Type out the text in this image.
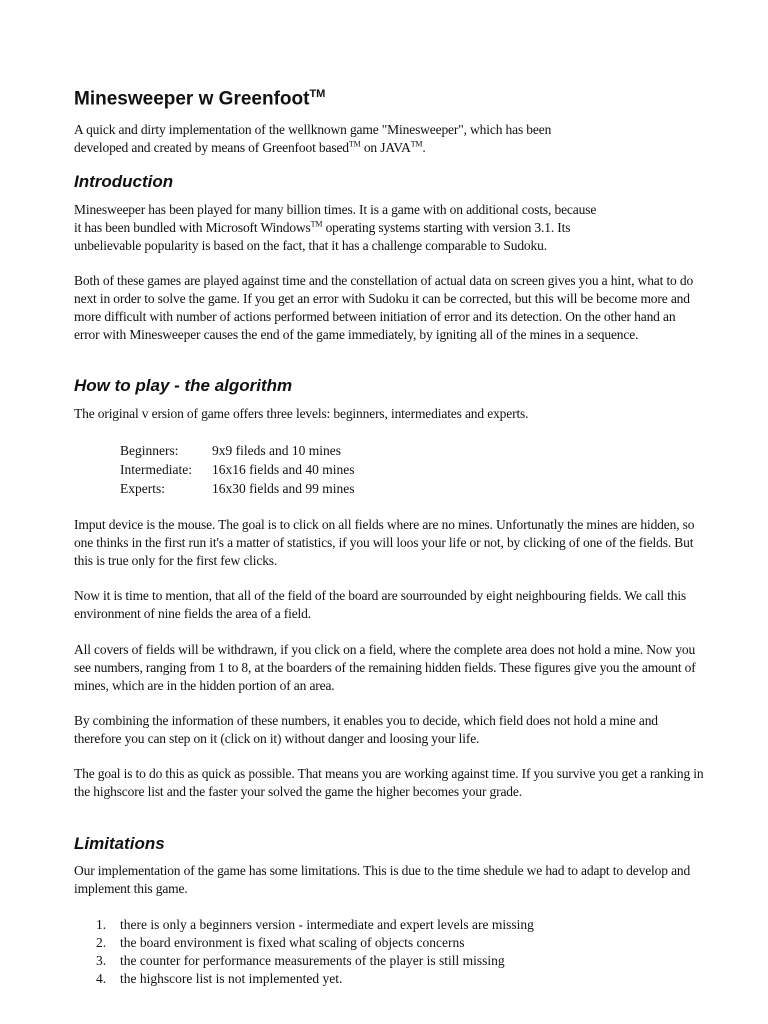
Minesweeper w Greenfoot™

A quick and dirty implementation of the wellknown game "Minesweeper", which has been
developed and created by means of Greenfoot based™ on JAVA™.

Introduction

Minesweeper has been played for many billion times. It is a game with on additional costs, because
it has been bundled with Microsoft Windows™ operating systems starting with version 3.1. Its
unbelievable popularity is based on the fact, that it has a challenge comparable to Sudoku.

Both of these games are played against time and the constellation of actual data on screen gives you a hint, what to do next in order to solve the game. If you get an error with Sudoku it can be corrected, but this will be become more and more difficult with number of actions performed between initiation of error and its detection. On the other hand an error with Minesweeper causes the end of the game immediately, by igniting all of the mines in a sequence.

How to play - the algorithm

The original v ersion of game offers three levels: beginners, intermediates and experts.

Beginners: 9x9 fileds and 10 mines
Intermediate: 16x16 fields and 40 mines
Experts:	16x30 fields and 99 mines

Imput device is the mouse. The goal is to click on all fields where are no mines. Unfortunatly the mines are hidden, so one thinks in the first run it's a matter of statistics, if you will loos your life or not, by clicking of one of the fields. But this is true only for the first few clicks.

Now it is time to mention, that all of the field of the board are sourrounded by eight neighbouring fields. We call this environment of nine fields the area of a field.

All covers of fields will be withdrawn, if you click on a field, where the complete area does not hold a mine. Now you see numbers, ranging from 1 to 8, at the boarders of the remaining hidden fields. These figures give you the amount of mines, which are in the hidden portion of an area.

By combining the information of these numbers, it enables you to decide, which field does not hold a mine and therefore you can step on it (click on it) without danger and loosing your life.

The goal is to do this as quick as possible. That means you are working against time. If you survive you get a ranking in the highscore list and the faster your solved the game the higher becomes your grade.

Limitations

Our implementation of the game has some limitations. This is due to the time shedule we had to adapt to develop and implement this game.

1. there is only a beginners version - intermediate and expert levels are missing
2. the board environment is fixed what scaling of objects concerns
3. the counter for performance measurements of the player is still missing
4. the highscore list is not implemented yet.
